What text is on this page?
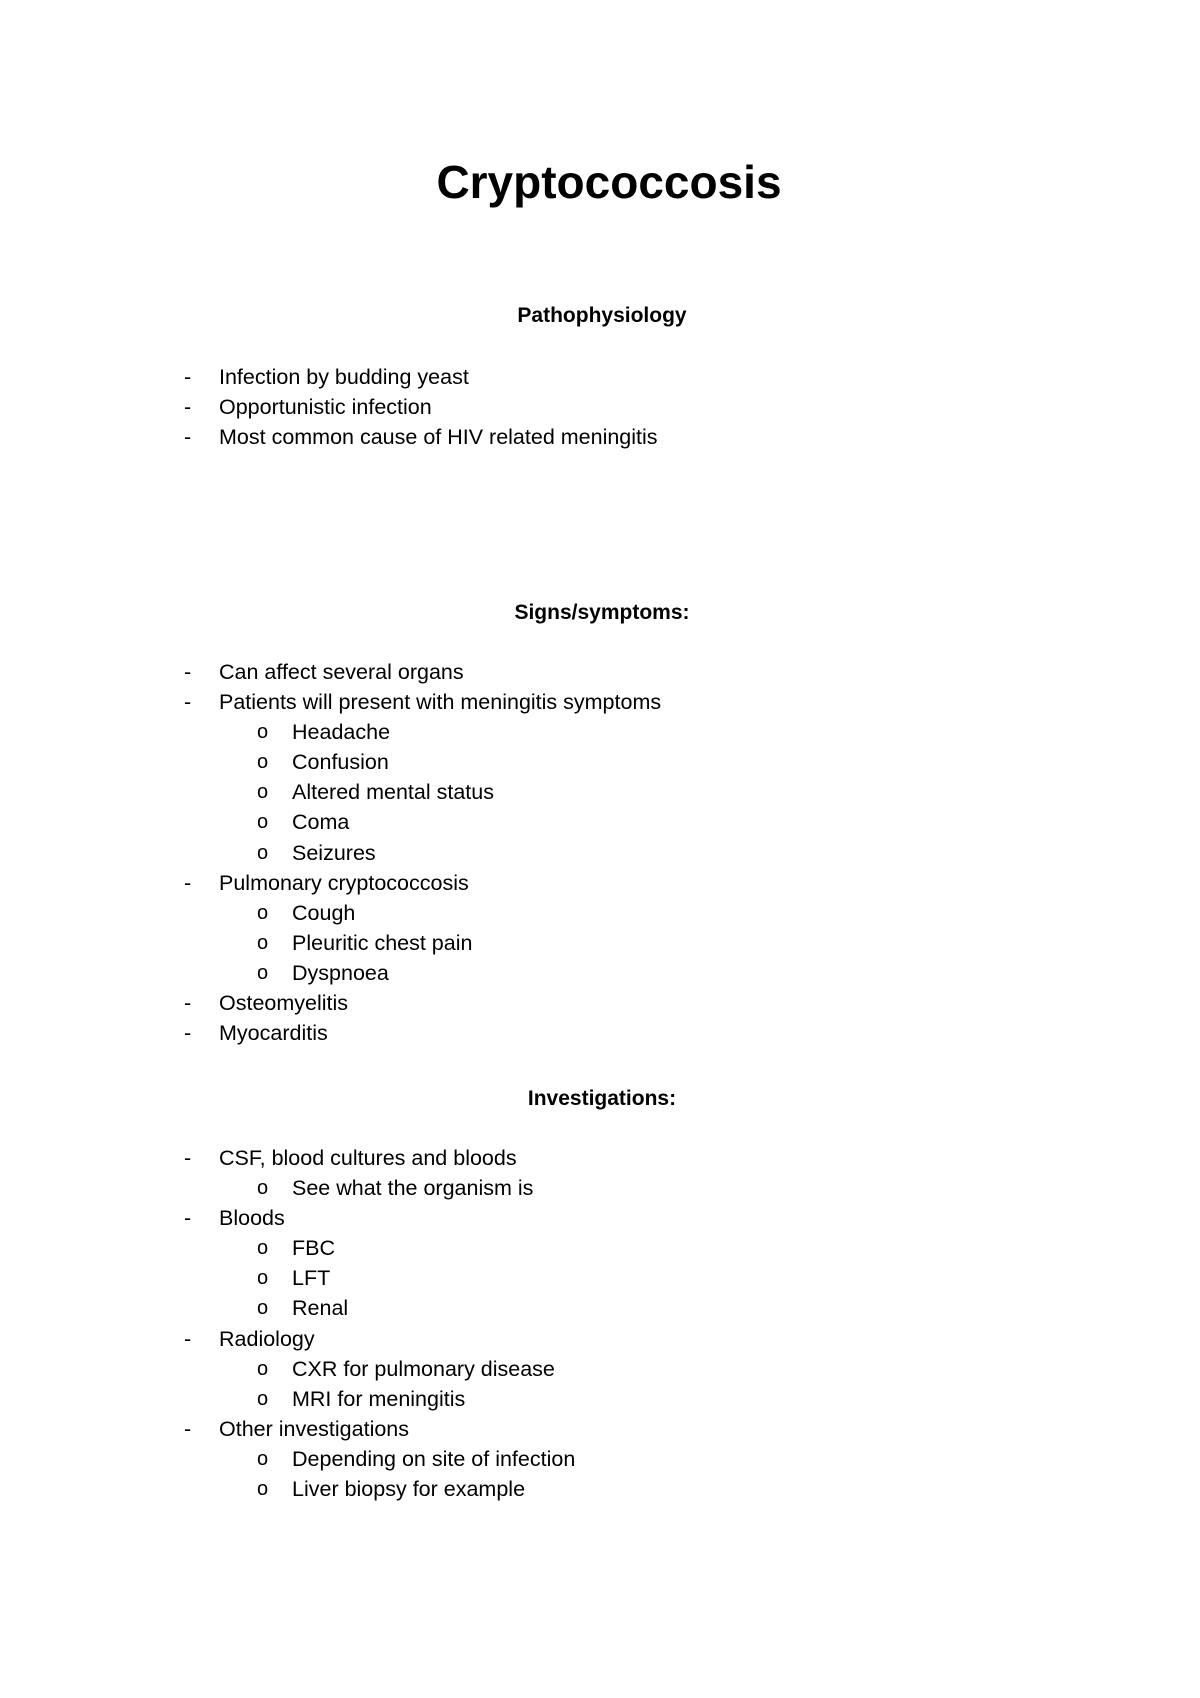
Cryptococcosis
Pathophysiology
- Infection by budding yeast
- Opportunistic infection
- Most common cause of HIV related meningitis
Signs/symptoms:
- Can affect several organs
- Patients will present with meningitis symptoms
o Headache
o Confusion
o Altered mental status
o Coma
o Seizures
- Pulmonary cryptococcosis
o Cough
o Pleuritic chest pain
o Dyspnoea
- Osteomyelitis
- Myocarditis
Investigations:
- CSF, blood cultures and bloods
o See what the organism is
- Bloods
o FBC
o LFT
o Renal
- Radiology
o CXR for pulmonary disease
o MRI for meningitis
- Other investigations
o Depending on site of infection
o Liver biopsy for example
